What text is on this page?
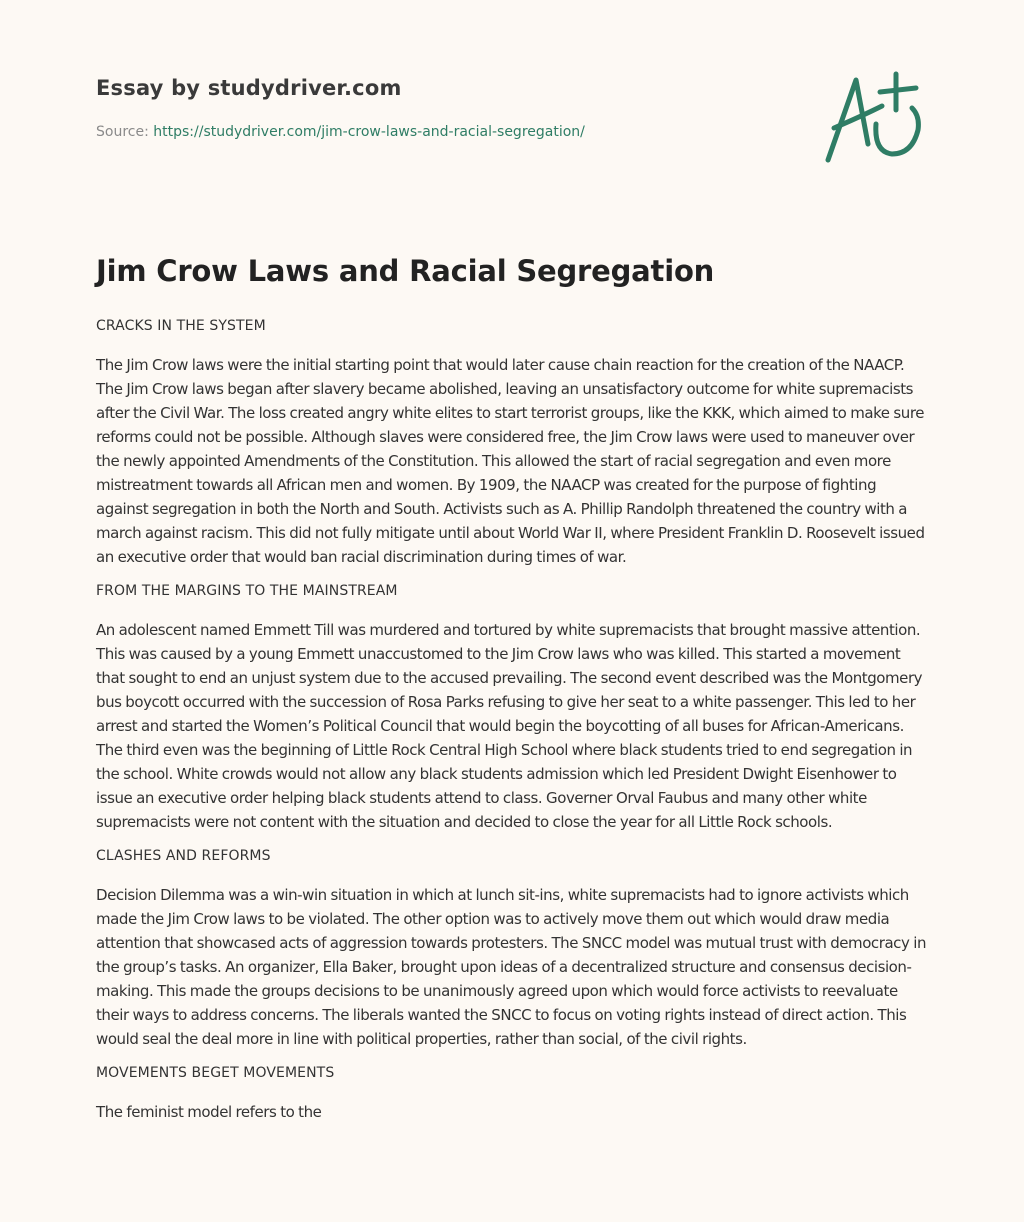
Essay by studydriver.com

Source: https://studydriver.com/jim-crow-laws-and-racial-segregation/

Jim Crow Laws and Racial Segregation

CRACKS IN THE SYSTEM

The Jim Crow laws were the initial starting point that would later cause chain reaction for the creation of the NAACP. The Jim Crow laws began after slavery became abolished, leaving an unsatisfactory outcome for white supremacists after the Civil War. The loss created angry white elites to start terrorist groups, like the KKK, which aimed to make sure reforms could not be possible. Although slaves were considered free, the Jim Crow laws were used to maneuver over the newly appointed Amendments of the Constitution. This allowed the start of racial segregation and even more mistreatment towards all African men and women. By 1909, the NAACP was created for the purpose of fighting against segregation in both the North and South. Activists such as A. Phillip Randolph threatened the country with a march against racism. This did not fully mitigate until about World War II, where President Franklin D. Roosevelt issued an executive order that would ban racial discrimination during times of war.

FROM THE MARGINS TO THE MAINSTREAM

An adolescent named Emmett Till was murdered and tortured by white supremacists that brought massive attention. This was caused by a young Emmett unaccustomed to the Jim Crow laws who was killed. This started a movement that sought to end an unjust system due to the accused prevailing. The second event described was the Montgomery bus boycott occurred with the succession of Rosa Parks refusing to give her seat to a white passenger. This led to her arrest and started the Women’s Political Council that would begin the boycotting of all buses for African-Americans. The third even was the beginning of Little Rock Central High School where black students tried to end segregation in the school. White crowds would not allow any black students admission which led President Dwight Eisenhower to issue an executive order helping black students attend to class. Governer Orval Faubus and many other white supremacists were not content with the situation and decided to close the year for all Little Rock schools.

CLASHES AND REFORMS

Decision Dilemma was a win-win situation in which at lunch sit-ins, white supremacists had to ignore activists which made the Jim Crow laws to be violated. The other option was to actively move them out which would draw media attention that showcased acts of aggression towards protesters. The SNCC model was mutual trust with democracy in the group’s tasks. An organizer, Ella Baker, brought upon ideas of a decentralized structure and consensus decision-making. This made the groups decisions to be unanimously agreed upon which would force activists to reevaluate their ways to address concerns. The liberals wanted the SNCC to focus on voting rights instead of direct action. This would seal the deal more in line with political properties, rather than social, of the civil rights.

MOVEMENTS BEGET MOVEMENTS

The feminist model refers to the
